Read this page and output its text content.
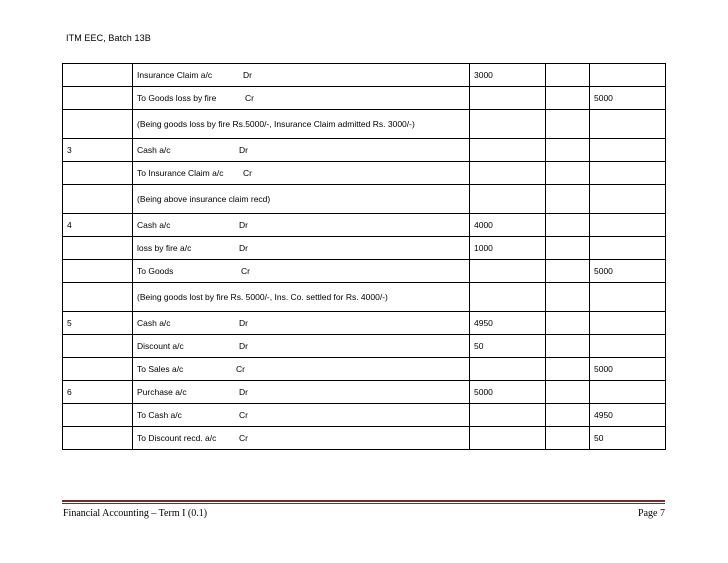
ITM EEC, Batch 13B
	Insurance Claim a/c Dr	3000		
	To Goods loss by fire Cr			5000
	(Being goods loss by fire Rs.5000/-, Insurance Claim admitted Rs. 3000/-)			
3	Cash a/c Dr			

	To Insurance Claim a/c Cr			

	(Being above insurance claim recd)			
4	Cash a/c Dr	4000		
	loss by fire a/c Dr	1000		
	To Goods Cr			5000
	(Being goods lost by fire Rs. 5000/-, Ins. Co. settled for Rs. 4000/-)			
5	Cash a/c Dr	4950		
	Discount a/c Dr	50		
	To Sales a/c Cr			5000
6	Purchase a/c Dr	5000		
	To Cash a/c Cr			4950
	To Discount recd. a/c Cr			50
Financial Accounting – Term I (0.1)	Page 7
